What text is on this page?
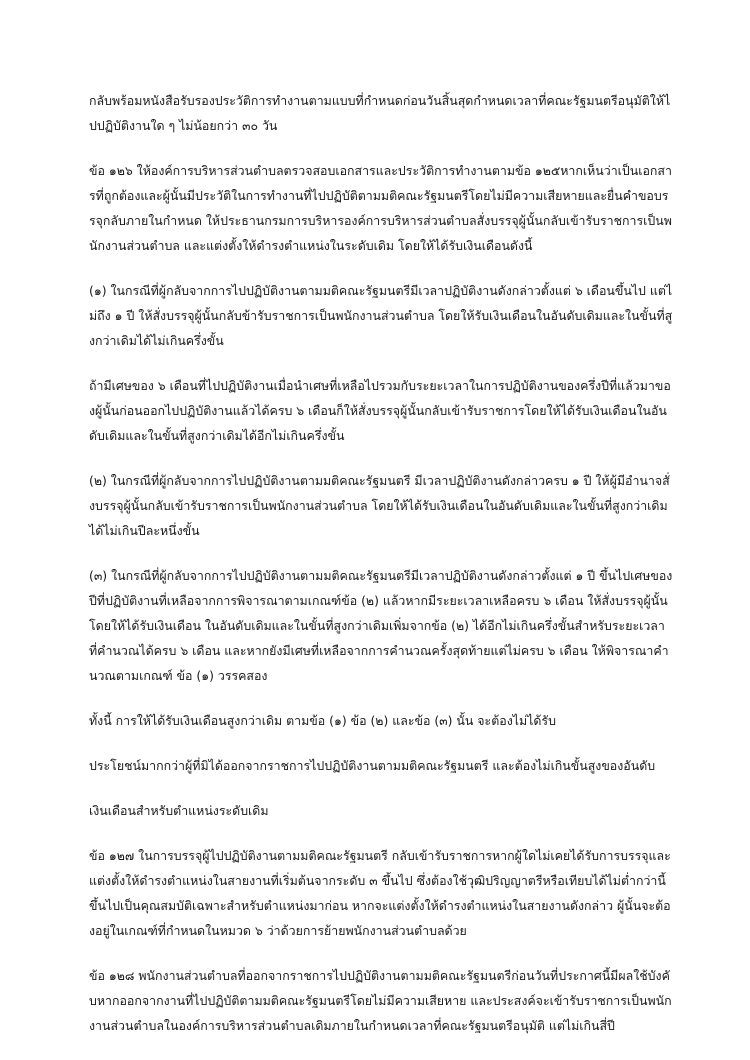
กลับพร้อมหนังสือรับรองประวัติการทำงานตามแบบที่กำหนดก่อนวันสิ้นสุดกำหนดเวลาที่คณะรัฐมนตรีอนุมัติให้ไปปฏิบัติงานใด ๆ ไม่น้อยกว่า ๓๐ วัน

ข้อ ๑๒๖ ให้องค์การบริหารส่วนตำบลตรวจสอบเอกสารและประวัติการทำงานตามข้อ ๑๒๕หากเห็นว่าเป็นเอกสารที่ถูกต้องและผู้นั้นมีประวัติในการทำงานที่ไปปฏิบัติตามมติคณะรัฐมนตรีโดยไม่มีความเสียหายและยื่นคำขอบรรจุกลับภายในกำหนด ให้ประธานกรมการบริหารองค์การบริหารส่วนตำบลสั่งบรรจุผู้นั้นกลับเข้ารับราชการเป็นพนักงานส่วนตำบล และแต่งตั้งให้ดำรงตำแหน่งในระดับเดิม โดยให้ได้รับเงินเดือนดังนี้

(๑) ในกรณีที่ผู้กลับจากการไปปฏิบัติงานตามมติคณะรัฐมนตรีมีเวลาปฏิบัติงานดังกล่าวตั้งแต่ ๖ เดือนขึ้นไป แต่ไม่ถึง ๑ ปี ให้สั่งบรรจุผู้นั้นกลับข้ารับราชการเป็นพนักงานส่วนตำบล โดยให้รับเงินเดือนในอันดับเดิมและในขั้นที่สูงกว่าเดิมได้ไม่เกินครึ่งขั้น

ถ้ามีเศษของ ๖ เดือนที่ไปปฏิบัติงานเมื่อนำเศษที่เหลือไปรวมกับระยะเวลาในการปฏิบัติงานของครึ่งปีที่แล้วมาของผู้นั้นก่อนออกไปปฏิบัติงานแล้วได้ครบ ๖ เดือนก็ให้สั่งบรรจุผู้นั้นกลับเข้ารับราชการโดยให้ได้รับเงินเดือนในอันดับเดิมและในขั้นที่สูงกว่าเดิมได้อีกไม่เกินครึ่งขั้น

(๒) ในกรณีที่ผู้กลับจากการไปปฏิบัติงานตามมติคณะรัฐมนตรี มีเวลาปฏิบัติงานดังกล่าวครบ ๑ ปี ให้ผู้มีอำนาจสั่งบรรจุผู้นั้นกลับเข้ารับราชการเป็นพนักงานส่วนตำบล โดยให้ได้รับเงินเดือนในอันดับเดิมและในขั้นที่สูงกว่าเดิมได้ไม่เกินปีละหนึ่งขั้น

(๓) ในกรณีที่ผู้กลับจากการไปปฏิบัติงานตามมติคณะรัฐมนตรีมีเวลาปฏิบัติงานดังกล่าวตั้งแต่ ๑ ปี ขึ้นไปเศษของปีที่ปฏิบัติงานที่เหลือจากการพิจารณาตามเกณฑ์ข้อ (๒) แล้วหากมีระยะเวลาเหลือครบ ๖ เดือน ให้สั่งบรรจุผู้นั้นโดยให้ได้รับเงินเดือน ในอันดับเดิมและในขั้นที่สูงกว่าเดิมเพิ่มจากข้อ (๒) ได้อีกไม่เกินครึ่งขั้นสำหรับระยะเวลาที่คำนวณได้ครบ ๖ เดือน และหากยังมีเศษที่เหลือจากการคำนวณครั้งสุดท้ายแต่ไม่ครบ ๖ เดือน ให้พิจารณาคำนวณตามเกณฑ์ ข้อ (๑) วรรคสอง

ทั้งนี้ การให้ได้รับเงินเดือนสูงกว่าเดิม ตามข้อ (๑) ข้อ (๒) และข้อ (๓) นั้น จะต้องไม่ได้รับ

ประโยชน์มากกว่าผู้ที่มิได้ออกจากราชการไปปฏิบัติงานตามมติคณะรัฐมนตรี และต้องไม่เกินขั้นสูงของอันดับ

เงินเดือนสำหรับตำแหน่งระดับเดิม

ข้อ ๑๒๗ ในการบรรจุผู้ไปปฏิบัติงานตามมติคณะรัฐมนตรี กลับเข้ารับราชการหากผู้ใดไม่เคยได้รับการบรรจุและแต่งตั้งให้ดำรงตำแหน่งในสายงานที่เริ่มต้นจากระดับ ๓ ขึ้นไป ซึ่งต้องใช้วุฒิปริญญาตรีหรือเทียบได้ไม่ต่ำกว่านี้ขึ้นไปเป็นคุณสมบัติเฉพาะสำหรับตำแหน่งมาก่อน หากจะแต่งตั้งให้ดำรงตำแหน่งในสายงานดังกล่าว ผู้นั้นจะต้องอยู่ในเกณฑ์ที่กำหนดในหมวด ๖ ว่าด้วยการย้ายพนักงานส่วนตำบลด้วย

ข้อ ๑๒๘ พนักงานส่วนตำบลที่ออกจากราชการไปปฏิบัติงานตามมติคณะรัฐมนตรีก่อนวันที่ประกาศนี้มีผลใช้บังคับหากออกจากงานที่ไปปฏิบัติตามมติคณะรัฐมนตรีโดยไม่มีความเสียหาย และประสงค์จะเข้ารับราชการเป็นพนักงานส่วนตำบลในองค์การบริหารส่วนตำบลเดิมภายในกำหนดเวลาที่คณะรัฐมนตรีอนุมัติ แต่ไม่เกินสี่ปี
